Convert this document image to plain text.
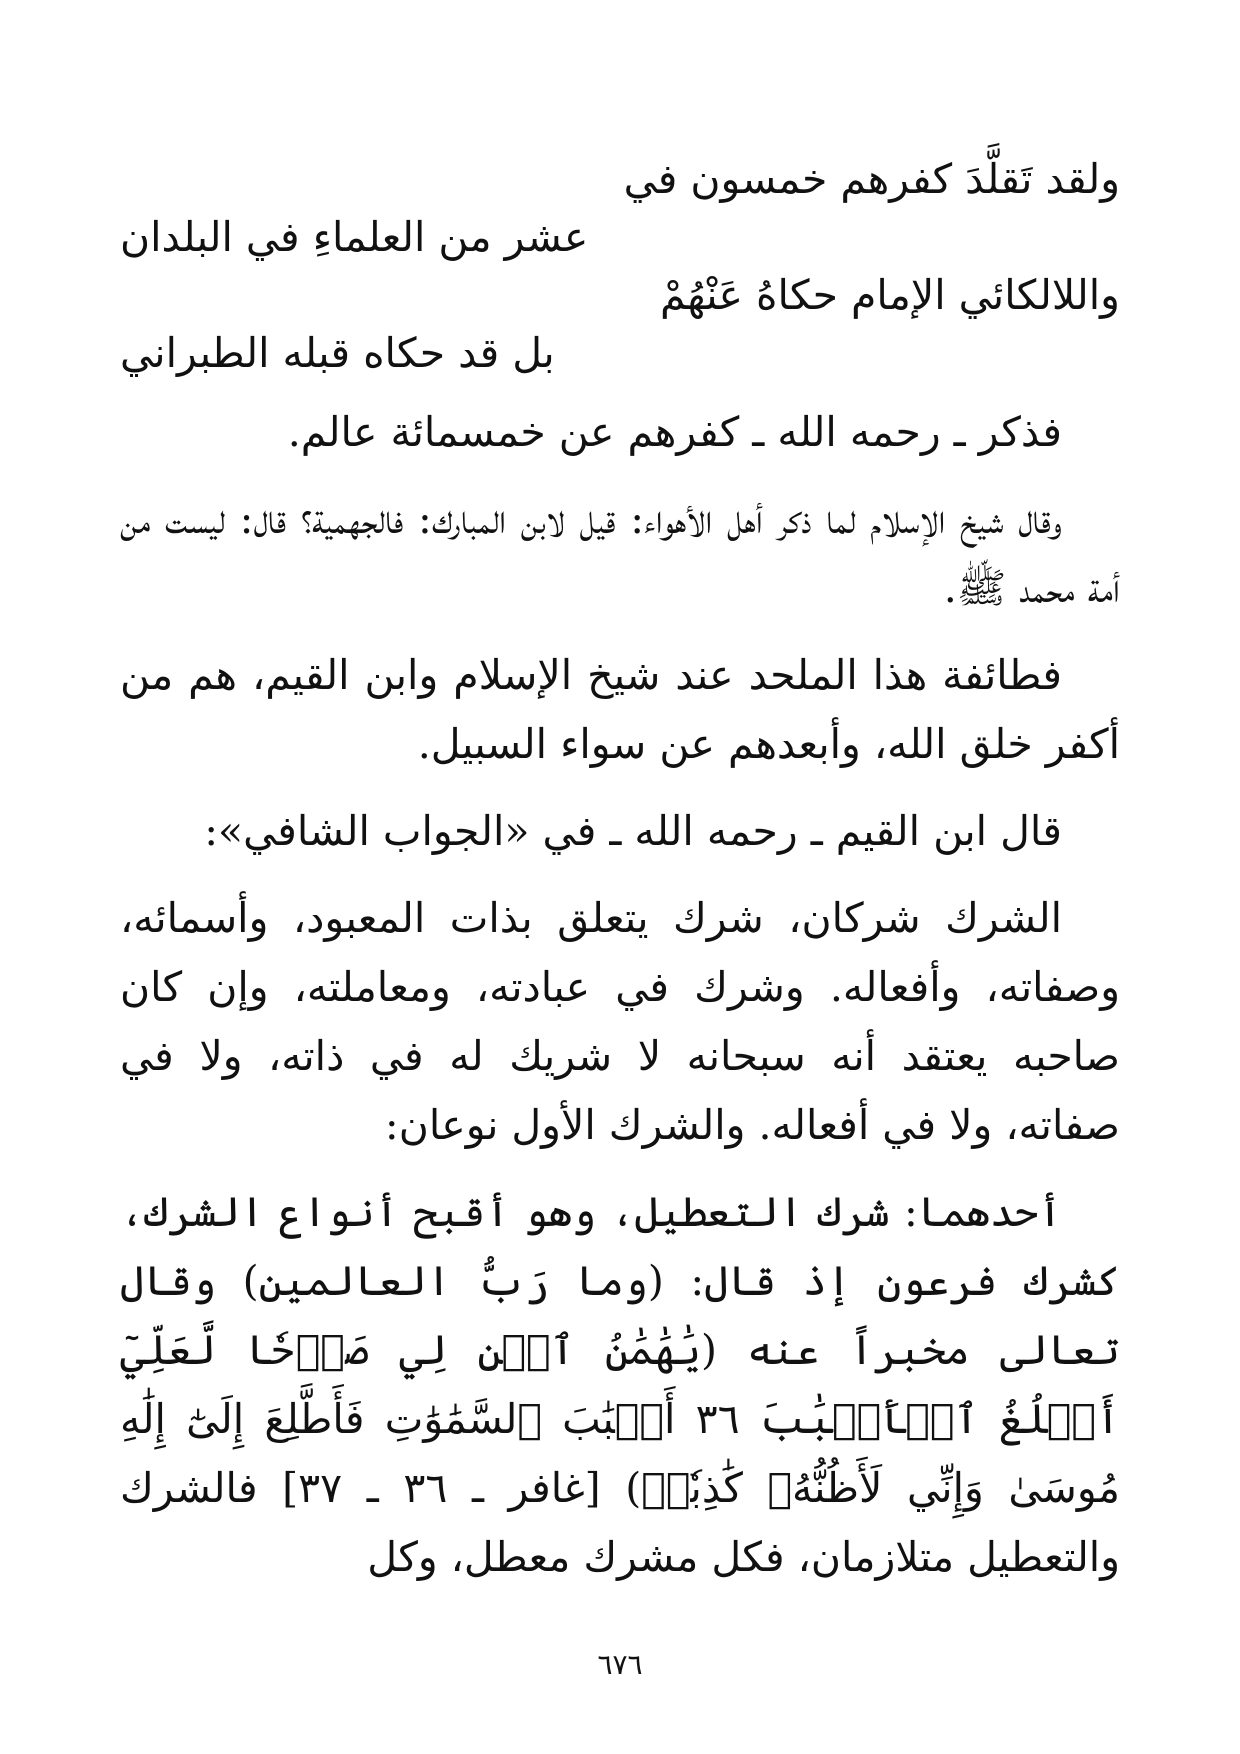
ولقد تَقلَّدَ كفرهم خمسون في
عشر من العلماءِ في البلدان
واللالكائي الإمام حكاهُ عَنْهُمْ
بل قد حكاه قبله الطبراني

فذكر ـ رحمه الله ـ كفرهم عن خمسمائة عالم.

وقال شيخ الإسلام لما ذكر أهل الأهواء: قيل لابن المبارك: فالجهمية؟ قال: ليست من أمة محمد ﷺ.

فطائفة هذا الملحد عند شيخ الإسلام وابن القيم، هم من أكفر خلق الله، وأبعدهم عن سواء السبيل.

قال ابن القيم ـ رحمه الله ـ في «الجواب الشافي»:

الشرك شركان، شرك يتعلق بذات المعبود، وأسمائه، وصفاته، وأفعاله. وشرك في عبادته، ومعاملته، وإن كان صاحبه يعتقد أنه سبحانه لا شريك له في ذاته، ولا في صفاته، ولا في أفعاله. والشرك الأول نوعان:

أحدهما: شرك التعطيل، وهو أقبح أنواع الشرك، كشرك فرعون إذ قال: (وما رَبُّ العالمين) وقال تعالى مخبراً عنه (يَٰهَٰمَٰنُ ٱبۡنِ لِي صَرۡحٗا لَّعَلِّيٓ أَبۡلُغُ ٱلۡأَسۡبَٰبَ ٣٦ أَسۡبَٰبَ ٱلسَّمَٰوَٰتِ فَأَطَّلِعَ إِلَىٰٓ إِلَٰهِ مُوسَىٰ وَإِنِّي لَأَظُنُّهُۥ كَٰذِبٗاۚ) [غافر ـ ٣٦ ـ ٣٧] فالشرك والتعطيل متلازمان، فكل مشرك معطل، وكل

٦٧٦
